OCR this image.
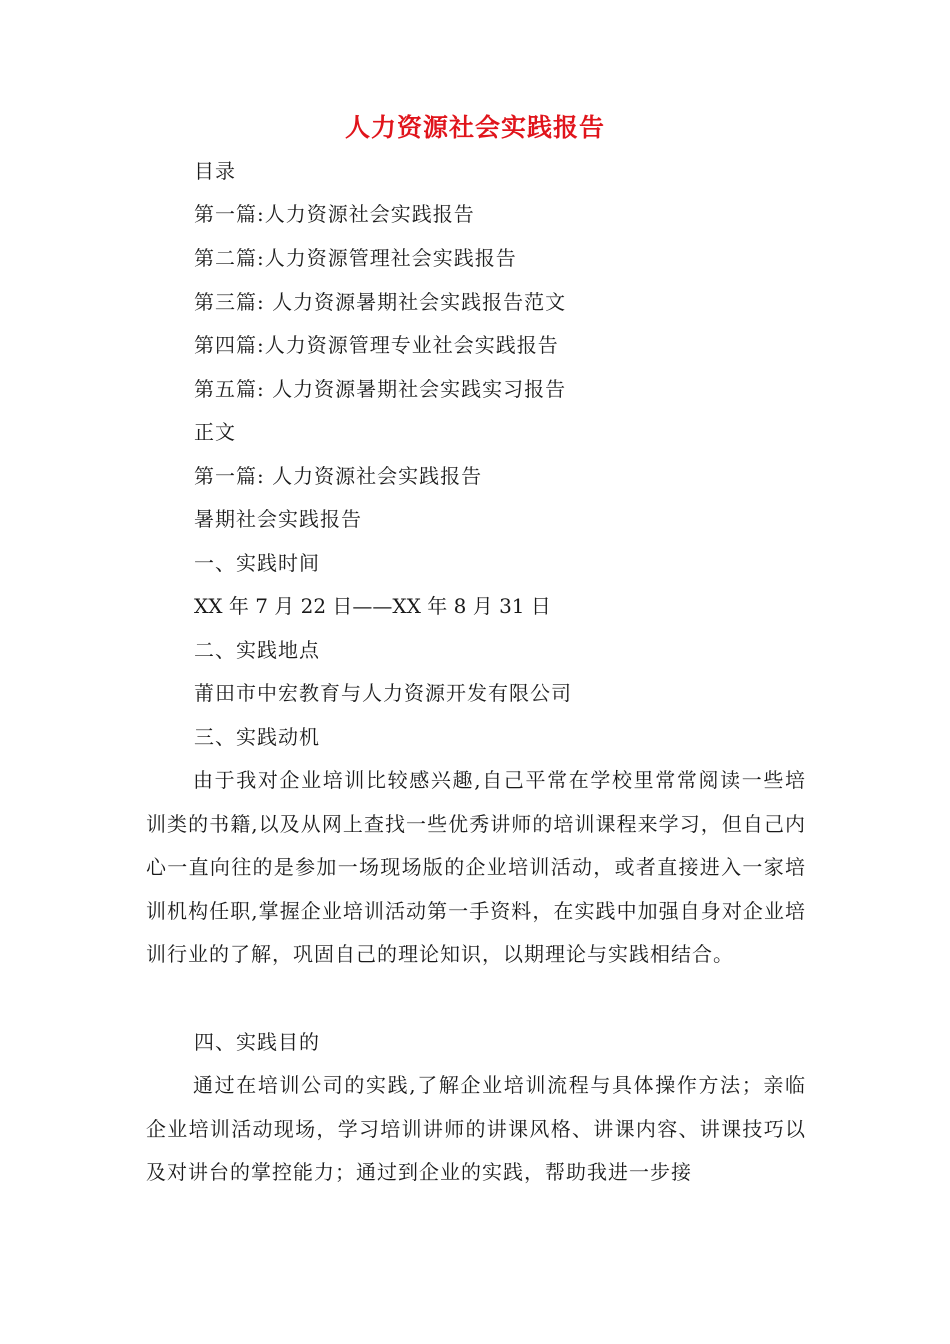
人力资源社会实践报告
目录
第一篇:人力资源社会实践报告
第二篇:人力资源管理社会实践报告
第三篇: 人力资源暑期社会实践报告范文
第四篇:人力资源管理专业社会实践报告
第五篇: 人力资源暑期社会实践实习报告
正文
第一篇: 人力资源社会实践报告
暑期社会实践报告
一、实践时间
XX 年 7 月 22 日——XX 年 8 月 31 日
二、实践地点
莆田市中宏教育与人力资源开发有限公司
三、实践动机
由于我对企业培训比较感兴趣,自己平常在学校里常常阅读一些培训类的书籍,以及从网上查找一些优秀讲师的培训课程来学习，但自己内心一直向往的是参加一场现场版的企业培训活动，或者直接进入一家培训机构任职,掌握企业培训活动第一手资料，在实践中加强自身对企业培训行业的了解，巩固自己的理论知识，以期理论与实践相结合。
四、实践目的
通过在培训公司的实践,了解企业培训流程与具体操作方法；亲临企业培训活动现场，学习培训讲师的讲课风格、讲课内容、讲课技巧以及对讲台的掌控能力；通过到企业的实践，帮助我进一步接
